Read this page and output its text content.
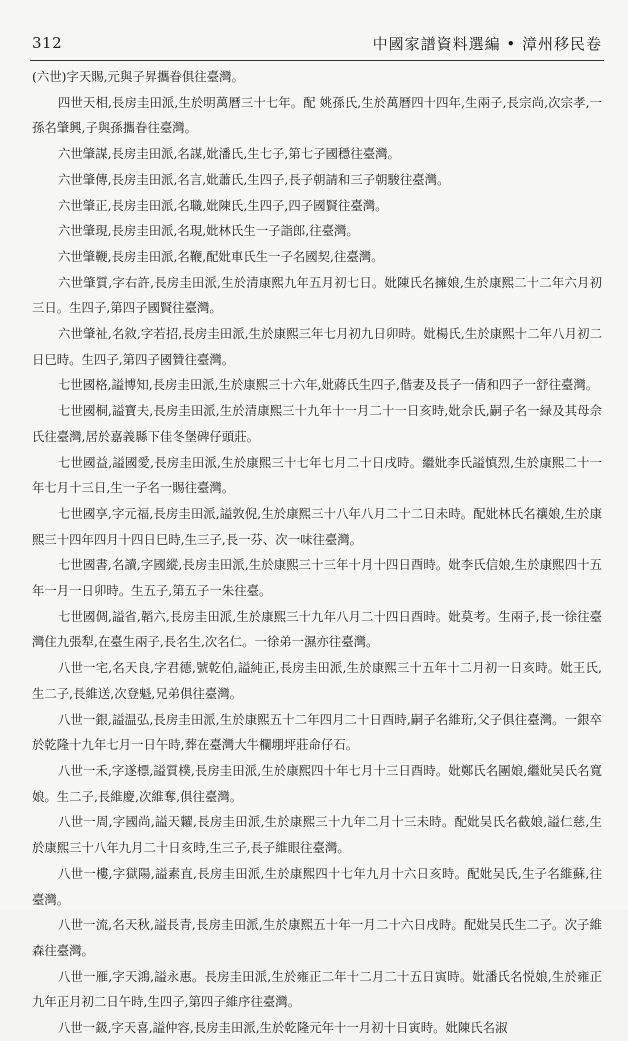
312	中國家譜資料選編 • 漳州移民卷

(六世)字天賜,元與子昇攜眷俱往臺灣。

四世天相,長房圭田派,生於明萬曆三十七年。配 姚孫氏,生於萬曆四十四年,生兩子,長宗尚,次宗孝,一孫名肇興,子與孫攜眷往臺灣。

六世肇謀,長房圭田派,名謀,妣潘氏,生七子,第七子國穩往臺灣。

六世肇傳,長房圭田派,名言,妣蕭氏,生四子,長子朝請和三子朝駿往臺灣。

六世肇正,長房圭田派,名職,妣陳氏,生四子,四子國賢往臺灣。

六世肇現,長房圭田派,名現,妣林氏生一子詣郎,往臺灣。

六世肇鞭,長房圭田派,名鞭,配妣車氏生一子名國契,往臺灣。

六世肇質,字右許,長房圭田派,生於清康熙九年五月初七日。妣陳氏名擁娘,生於康熙二十二年六月初三日。生四子,第四子國賢往臺灣。

六世肇祉,名敘,字若招,長房圭田派,生於康熙三年七月初九日卯時。妣楊氏,生於康熙十二年八月初二日巳時。生四子,第四子國贊往臺灣。

七世國格,謚博知,長房圭田派,生於康熙三十六年,妣蔣氏生四子,偕妻及長子一倩和四子一舒往臺灣。

七世國桐,謚寶夫,長房圭田派,生於清康熙三十九年十一月二十一日亥時,妣佘氏,嗣子名一緑及其母佘氏往臺灣,居於嘉義縣下佳冬堡碑仔頭莊。

七世國益,謚國愛,長房圭田派,生於康熙三十七年七月二十日戌時。繼妣李氏謚慎烈,生於康熙二十一年七月十三日,生一子名一賜往臺灣。

七世國享,字元福,長房圭田派,謚敦倪,生於康熙三十八年八月二十二日未時。配妣林氏名禳娘,生於康熙三十四年四月十四日巳時,生三子,長一芬、次一味往臺灣。

七世國書,名讀,字國縱,長房圭田派,生於康熙三十三年十月十四日酉時。妣李氏信娘,生於康熙四十五年一月一日卯時。生五子,第五子一朱往臺。

七世國倜,謚省,韜六,長房圭田派,生於康熙三十九年八月二十四日酉時。妣莫考。生兩子,長一徐往臺灣住九張犁,在臺生兩子,長名生,次名仁。一徐弟一濕亦往臺灣。

八世一宅,名天良,字君德,號乾伯,謚純正,長房圭田派,生於康熙三十五年十二月初一日亥時。妣王氏,生二子,長維送,次登魁,兄弟俱往臺灣。

八世一銀,謚温弘,長房圭田派,生於康熙五十二年四月二十日酉時,嗣子名維珩,父子俱往臺灣。一銀卒於乾隆十九年七月一日午時,葬在臺灣大牛欄堋坪莊命仔石。

八世一禾,字遂標,謚質樸,長房圭田派,生於康熙四十年七月十三日酉時。妣鄭氏名團娘,繼妣吴氏名寬娘。生二子,長維慶,次維奪,俱往臺灣。

八世一周,字國尚,謚天糶,長房圭田派,生於康熙三十九年二月十三未時。配妣吴氏名截娘,謚仁慈,生於康熙三十八年九月二十日亥時,生三子,長子維眼往臺灣。

八世一樓,字獄陽,謚素直,長房圭田派,生於康熙四十七年九月十六日亥時。配妣吴氏,生子名維蘇,往臺灣。

八世一流,名天秋,謚長青,長房圭田派,生於康熙五十年一月二十六日戌時。配妣吴氏生二子。次子維森往臺灣。

八世一雁,字天鴻,謚永惠。長房圭田派,生於雍正二年十二月二十五日寅時。妣潘氏名悦娘,生於雍正九年正月初二日午時,生四子,第四子維序往臺灣。

八世一鈒,字天喜,謚仲容,長房圭田派,生於乾隆元年十一月初十日寅時。妣陳氏名淑
